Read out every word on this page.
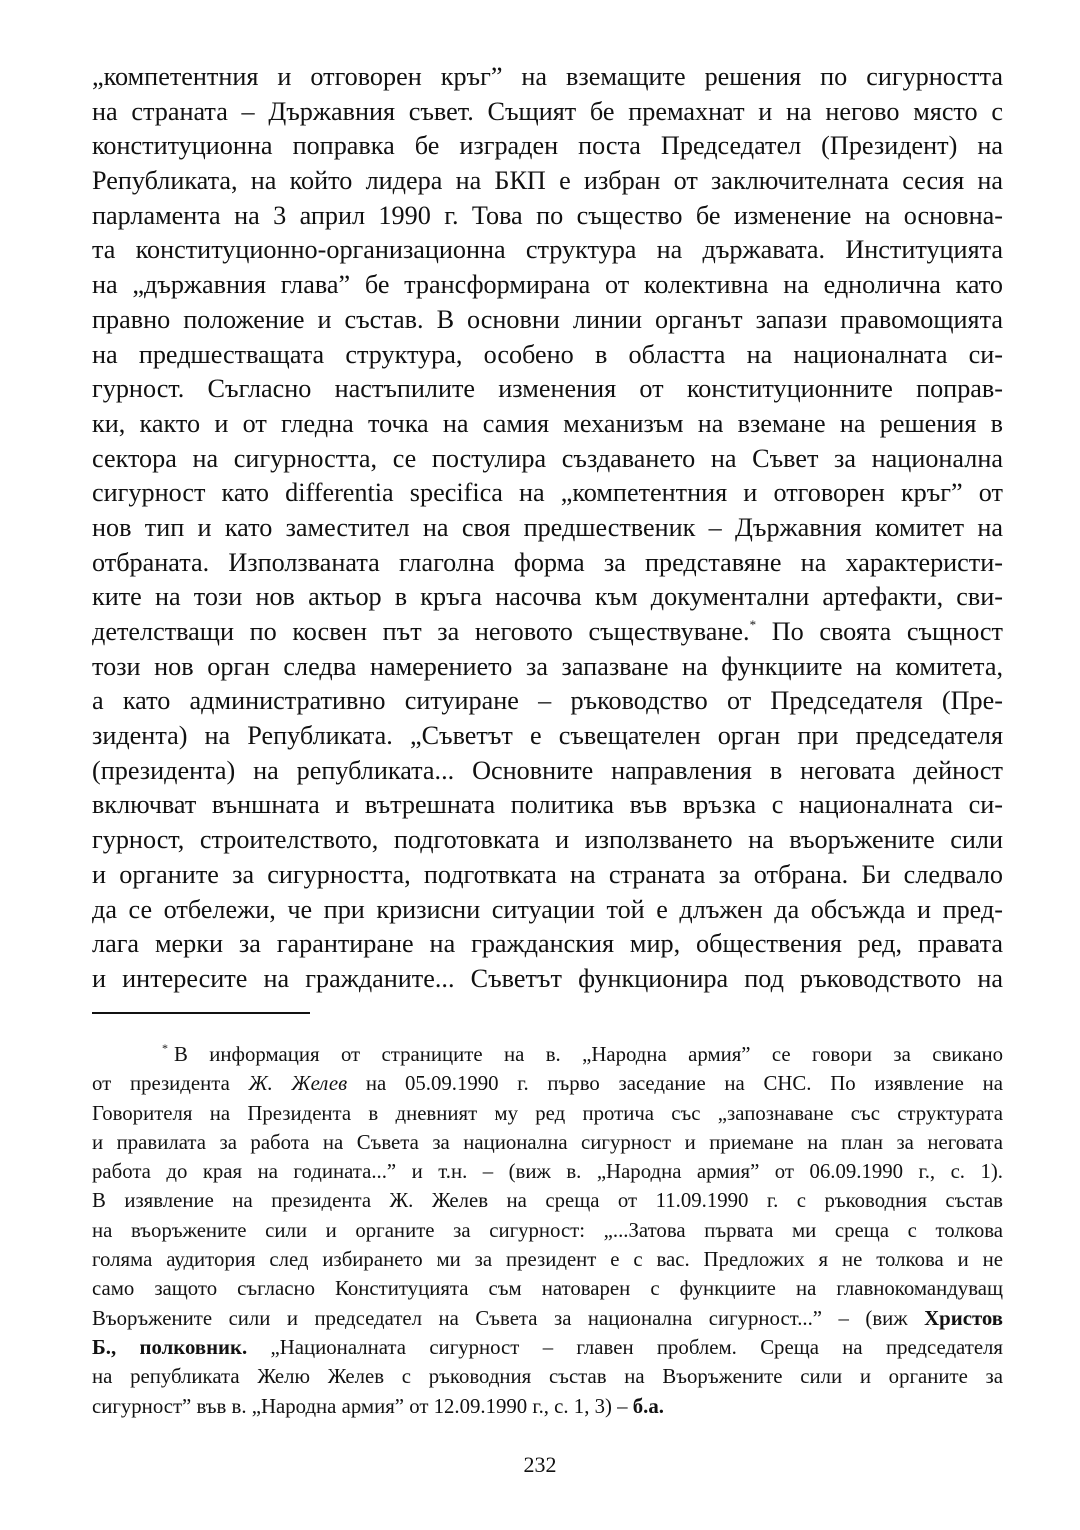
„компетентния и отговорен кръг” на вземащите решения по сигурността
на страната – Държавния съвет. Същият бе премахнат и на негово място с
конституционна поправка бе изграден поста Председател (Президент) на
Републиката, на който лидера на БКП е избран от заключителната сесия на
парламента на 3 април 1990 г. Това по същество бе изменение на основна-
та конституционно-организационна структура на държавата. Институцията
на „държавния глава” бе трансформирана от колективна на еднолична като
правно положение и състав. В основни линии органът запази правомощията
на предшестващата структура, особено в областта на националната си-
гурност. Съгласно настъпилите изменения от конституционните поправ-
ки, както и от гледна точка на самия механизъм на вземане на решения в
сектора на сигурността, се постулира създаването на Съвет за национална
сигурност като differentia specifica на „компетентния и отговорен кръг” от
нов тип и като заместител на своя предшественик – Държавния комитет на
отбраната. Използваната глаголна форма за представяне на характеристи-
ките на този нов актьор в кръга насочва към документални артефакти, сви-
детелстващи по косвен път за неговото съществуване.* По своята същност
този нов орган следва намерението за запазване на функциите на комитета,
а като административно ситуиране – ръководство от Председателя (Пре-
зидента) на Републиката. „Съветът е съвещателен орган при председателя
(президента) на републиката... Основните направления в неговата дейност
включват външната и вътрешната политика във връзка с националната си-
гурност, строителството, подготовката и използването на въоръжените сили
и органите за сигурността, подготвката на страната за отбрана. Би следвало
да се отбележи, че при кризисни ситуации той е длъжен да обсъжда и пред-
лага мерки за гарантиране на гражданския мир, обществения ред, правата
и интересите на гражданите... Съветът функционира под ръководството на
* В информация от страниците на в. „Народна армия” се говори за свикано
от президента Ж. Желев на 05.09.1990 г. първо заседание на СНС. По изявление на
Говорителя на Президента в дневният му ред протича със „запознаване със структурата
и правилата за работа на Съвета за национална сигурност и приемане на план за неговата
работа до края на годината...” и т.н. – (виж в. „Народна армия” от 06.09.1990 г., с. 1).
В изявление на президента Ж. Желев на среща от 11.09.1990 г. с ръководния състав
на въоръжените сили и органите за сигурност: „...Затова първата ми среща с толкова
голяма аудитория след избирането ми за президент е с вас. Предложих я не толкова и не
само защото съгласно Конституцията съм натоварен с функциите на главнокомандуващ
Въоръжените сили и председател на Съвета за национална сигурност...” – (виж Христов
Б., полковник. „Националната сигурност – главен проблем. Среща на председателя
на републиката Желю Желев с ръководния състав на Въоръжените сили и органите за
сигурност” във в. „Народна армия” от 12.09.1990 г., с. 1, 3) – б.а.
232
